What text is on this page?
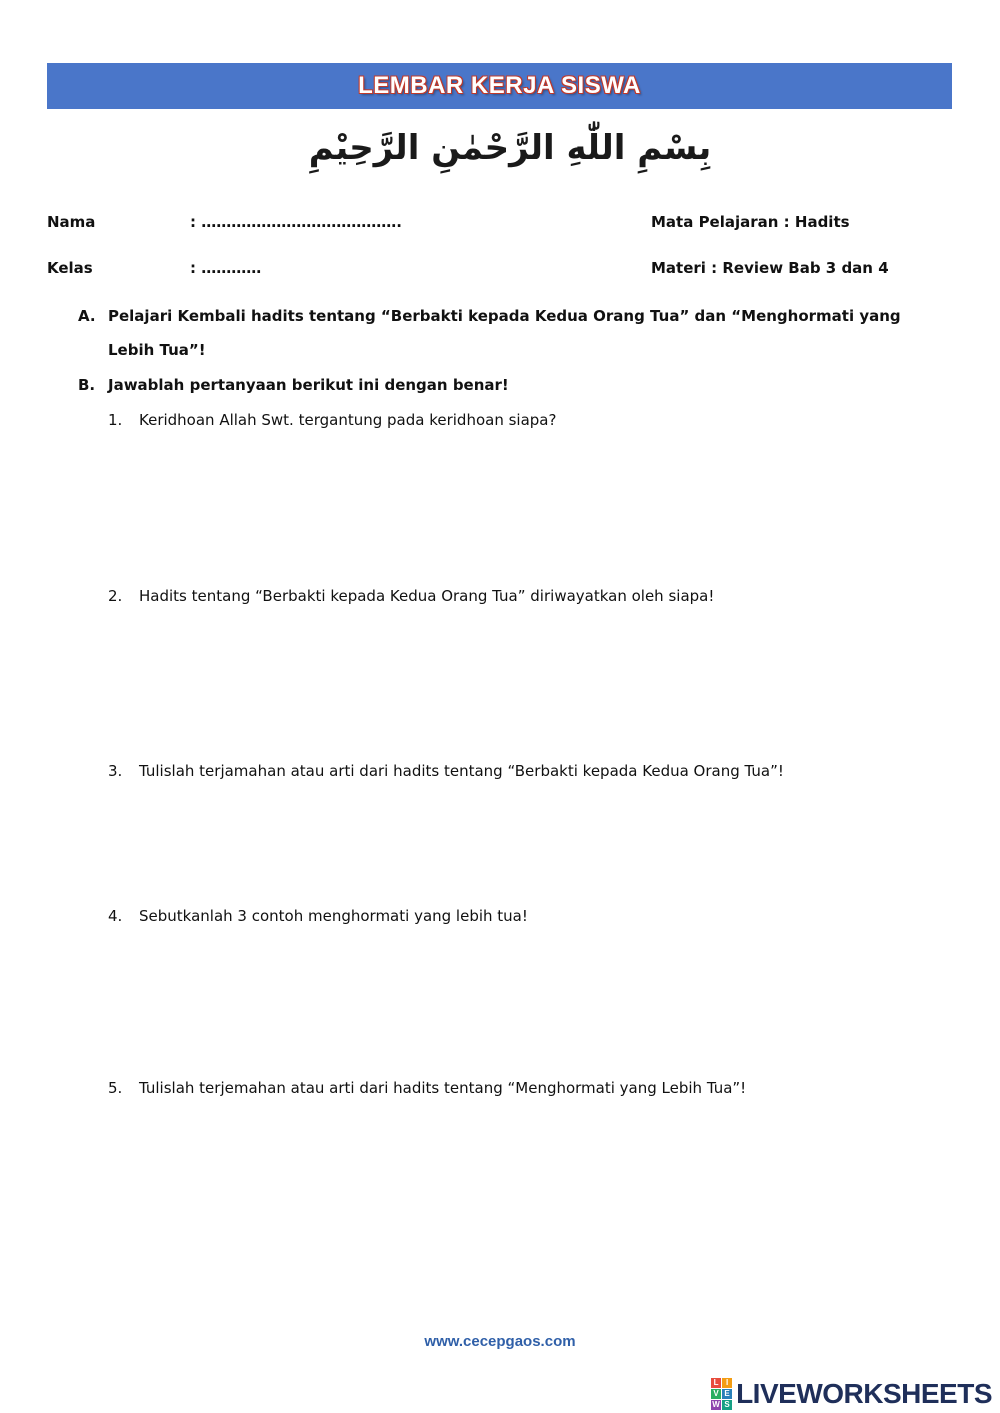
LEMBAR KERJA SISWA
بِسْمِ اللّٰهِ الرَّحْمٰنِ الرَّحِيْمِ
Nama	: ………………………………….	Mata Pelajaran : Hadits
Kelas	: …………	Materi : Review Bab 3 dan 4
A. Pelajari Kembali hadits tentang “Berbakti kepada Kedua Orang Tua” dan “Menghormati yang Lebih Tua”!
B. Jawablah pertanyaan berikut ini dengan benar!
1. Keridhoan Allah Swt. tergantung pada keridhoan siapa?
2. Hadits tentang “Berbakti kepada Kedua Orang Tua” diriwayatkan oleh siapa!
3. Tulislah terjamahan atau arti dari hadits tentang “Berbakti kepada Kedua Orang Tua”!
4. Sebutkanlah 3 contoh menghormati yang lebih tua!
5. Tulislah terjemahan atau arti dari hadits tentang “Menghormati yang Lebih Tua”!
www.cecepgaos.com
L I
V E
W S LIVEWORKSHEETS
